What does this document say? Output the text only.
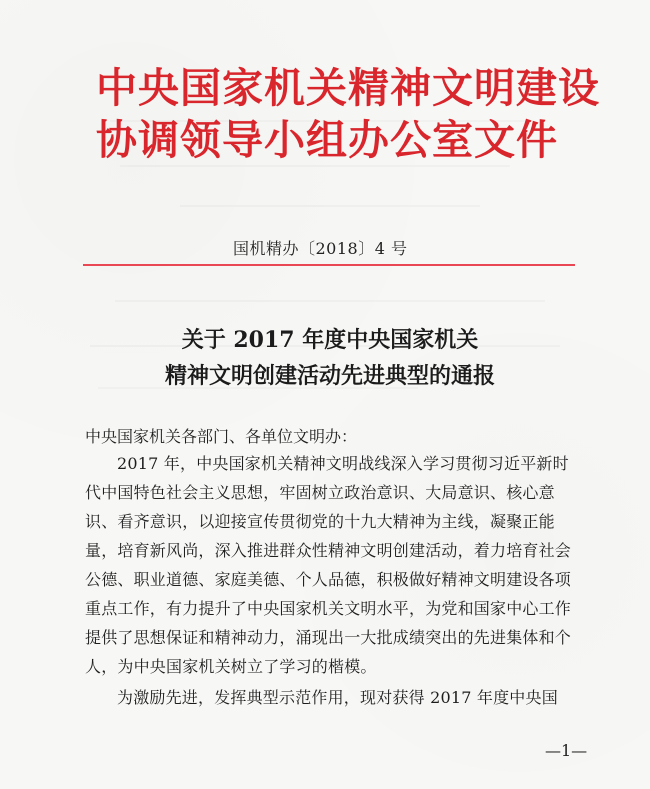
中央国家机关精神文明建设
协调领导小组办公室文件
国机精办〔2018〕4 号
关于 2017 年度中央国家机关
精神文明创建活动先进典型的通报
中央国家机关各部门、各单位文明办：
2017 年，中央国家机关精神文明战线深入学习贯彻习近平新时代中国特色社会主义思想，牢固树立政治意识、大局意识、核心意识、看齐意识，以迎接宣传贯彻党的十九大精神为主线，凝聚正能量，培育新风尚，深入推进群众性精神文明创建活动，着力培育社会公德、职业道德、家庭美德、个人品德，积极做好精神文明建设各项重点工作，有力提升了中央国家机关文明水平，为党和国家中心工作提供了思想保证和精神动力，涌现出一大批成绩突出的先进集体和个人，为中央国家机关树立了学习的楷模。
为激励先进，发挥典型示范作用，现对获得 2017 年度中央国
—1—
